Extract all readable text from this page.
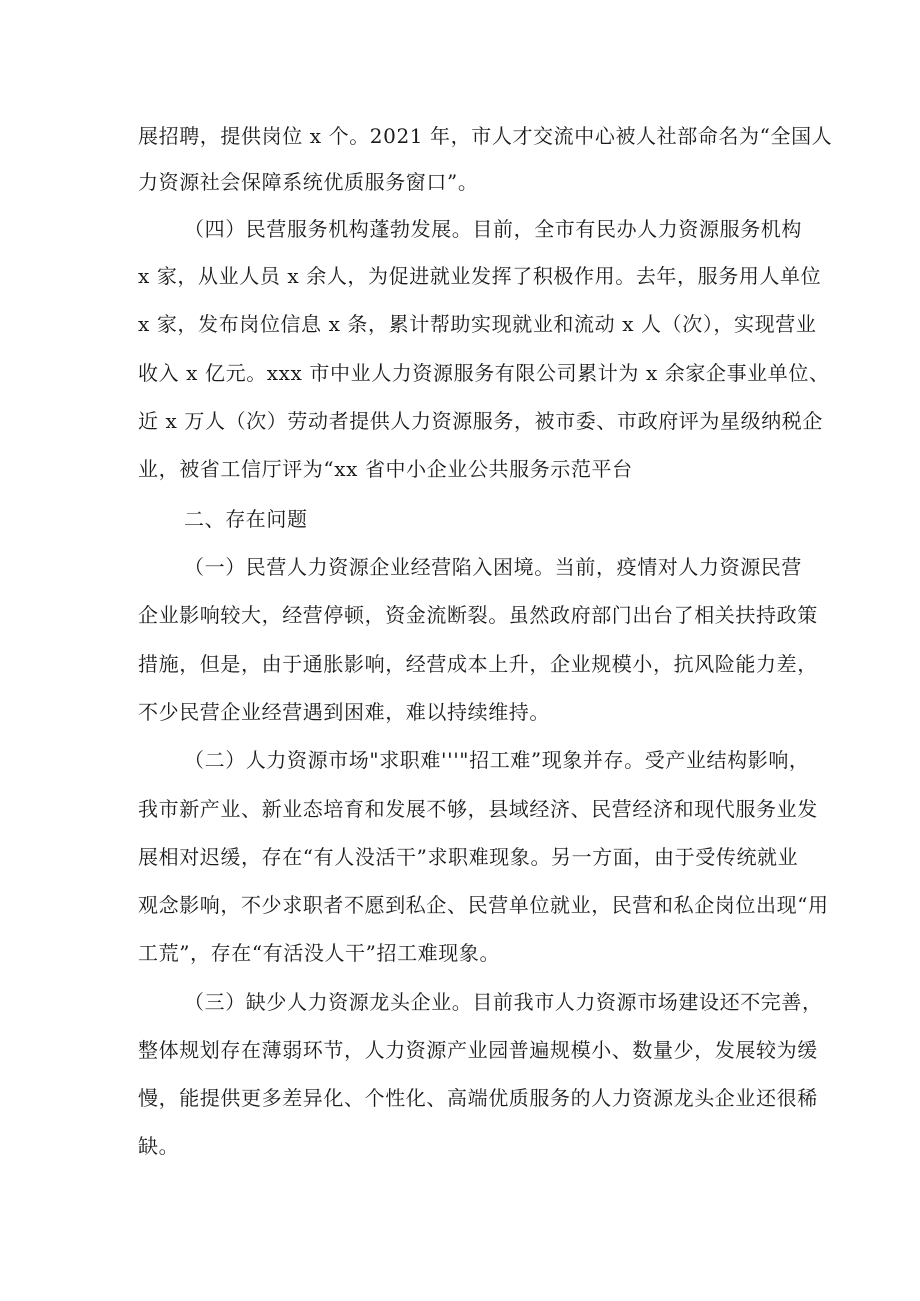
展招聘，提供岗位 x 个。2021 年，市人才交流中心被人社部命名为“全国人
力资源社会保障系统优质服务窗口”。
（四）民营服务机构蓬勃发展。目前，全市有民办人力资源服务机构
x 家，从业人员 x 余人，为促进就业发挥了积极作用。去年，服务用人单位
x 家，发布岗位信息 x 条，累计帮助实现就业和流动 x 人（次），实现营业
收入 x 亿元。xxx 市中业人力资源服务有限公司累计为 x 余家企事业单位、
近 x 万人（次）劳动者提供人力资源服务，被市委、市政府评为星级纳税企
业，被省工信厅评为“xx 省中小企业公共服务示范平台
二、存在问题
（一）民营人力资源企业经营陷入困境。当前，疫情对人力资源民营
企业影响较大，经营停顿，资金流断裂。虽然政府部门出台了相关扶持政策
措施，但是，由于通胀影响，经营成本上升，企业规模小，抗风险能力差，
不少民营企业经营遇到困难，难以持续维持。
（二）人力资源市场"求职难'''"招工难”现象并存。受产业结构影响，
我市新产业、新业态培育和发展不够，县域经济、民营经济和现代服务业发
展相对迟缓，存在“有人没活干”求职难现象。另一方面，由于受传统就业
观念影响，不少求职者不愿到私企、民营单位就业，民营和私企岗位出现“用
工荒”，存在“有活没人干”招工难现象。
（三）缺少人力资源龙头企业。目前我市人力资源市场建设还不完善，
整体规划存在薄弱环节，人力资源产业园普遍规模小、数量少，发展较为缓
慢，能提供更多差异化、个性化、高端优质服务的人力资源龙头企业还很稀
缺。
